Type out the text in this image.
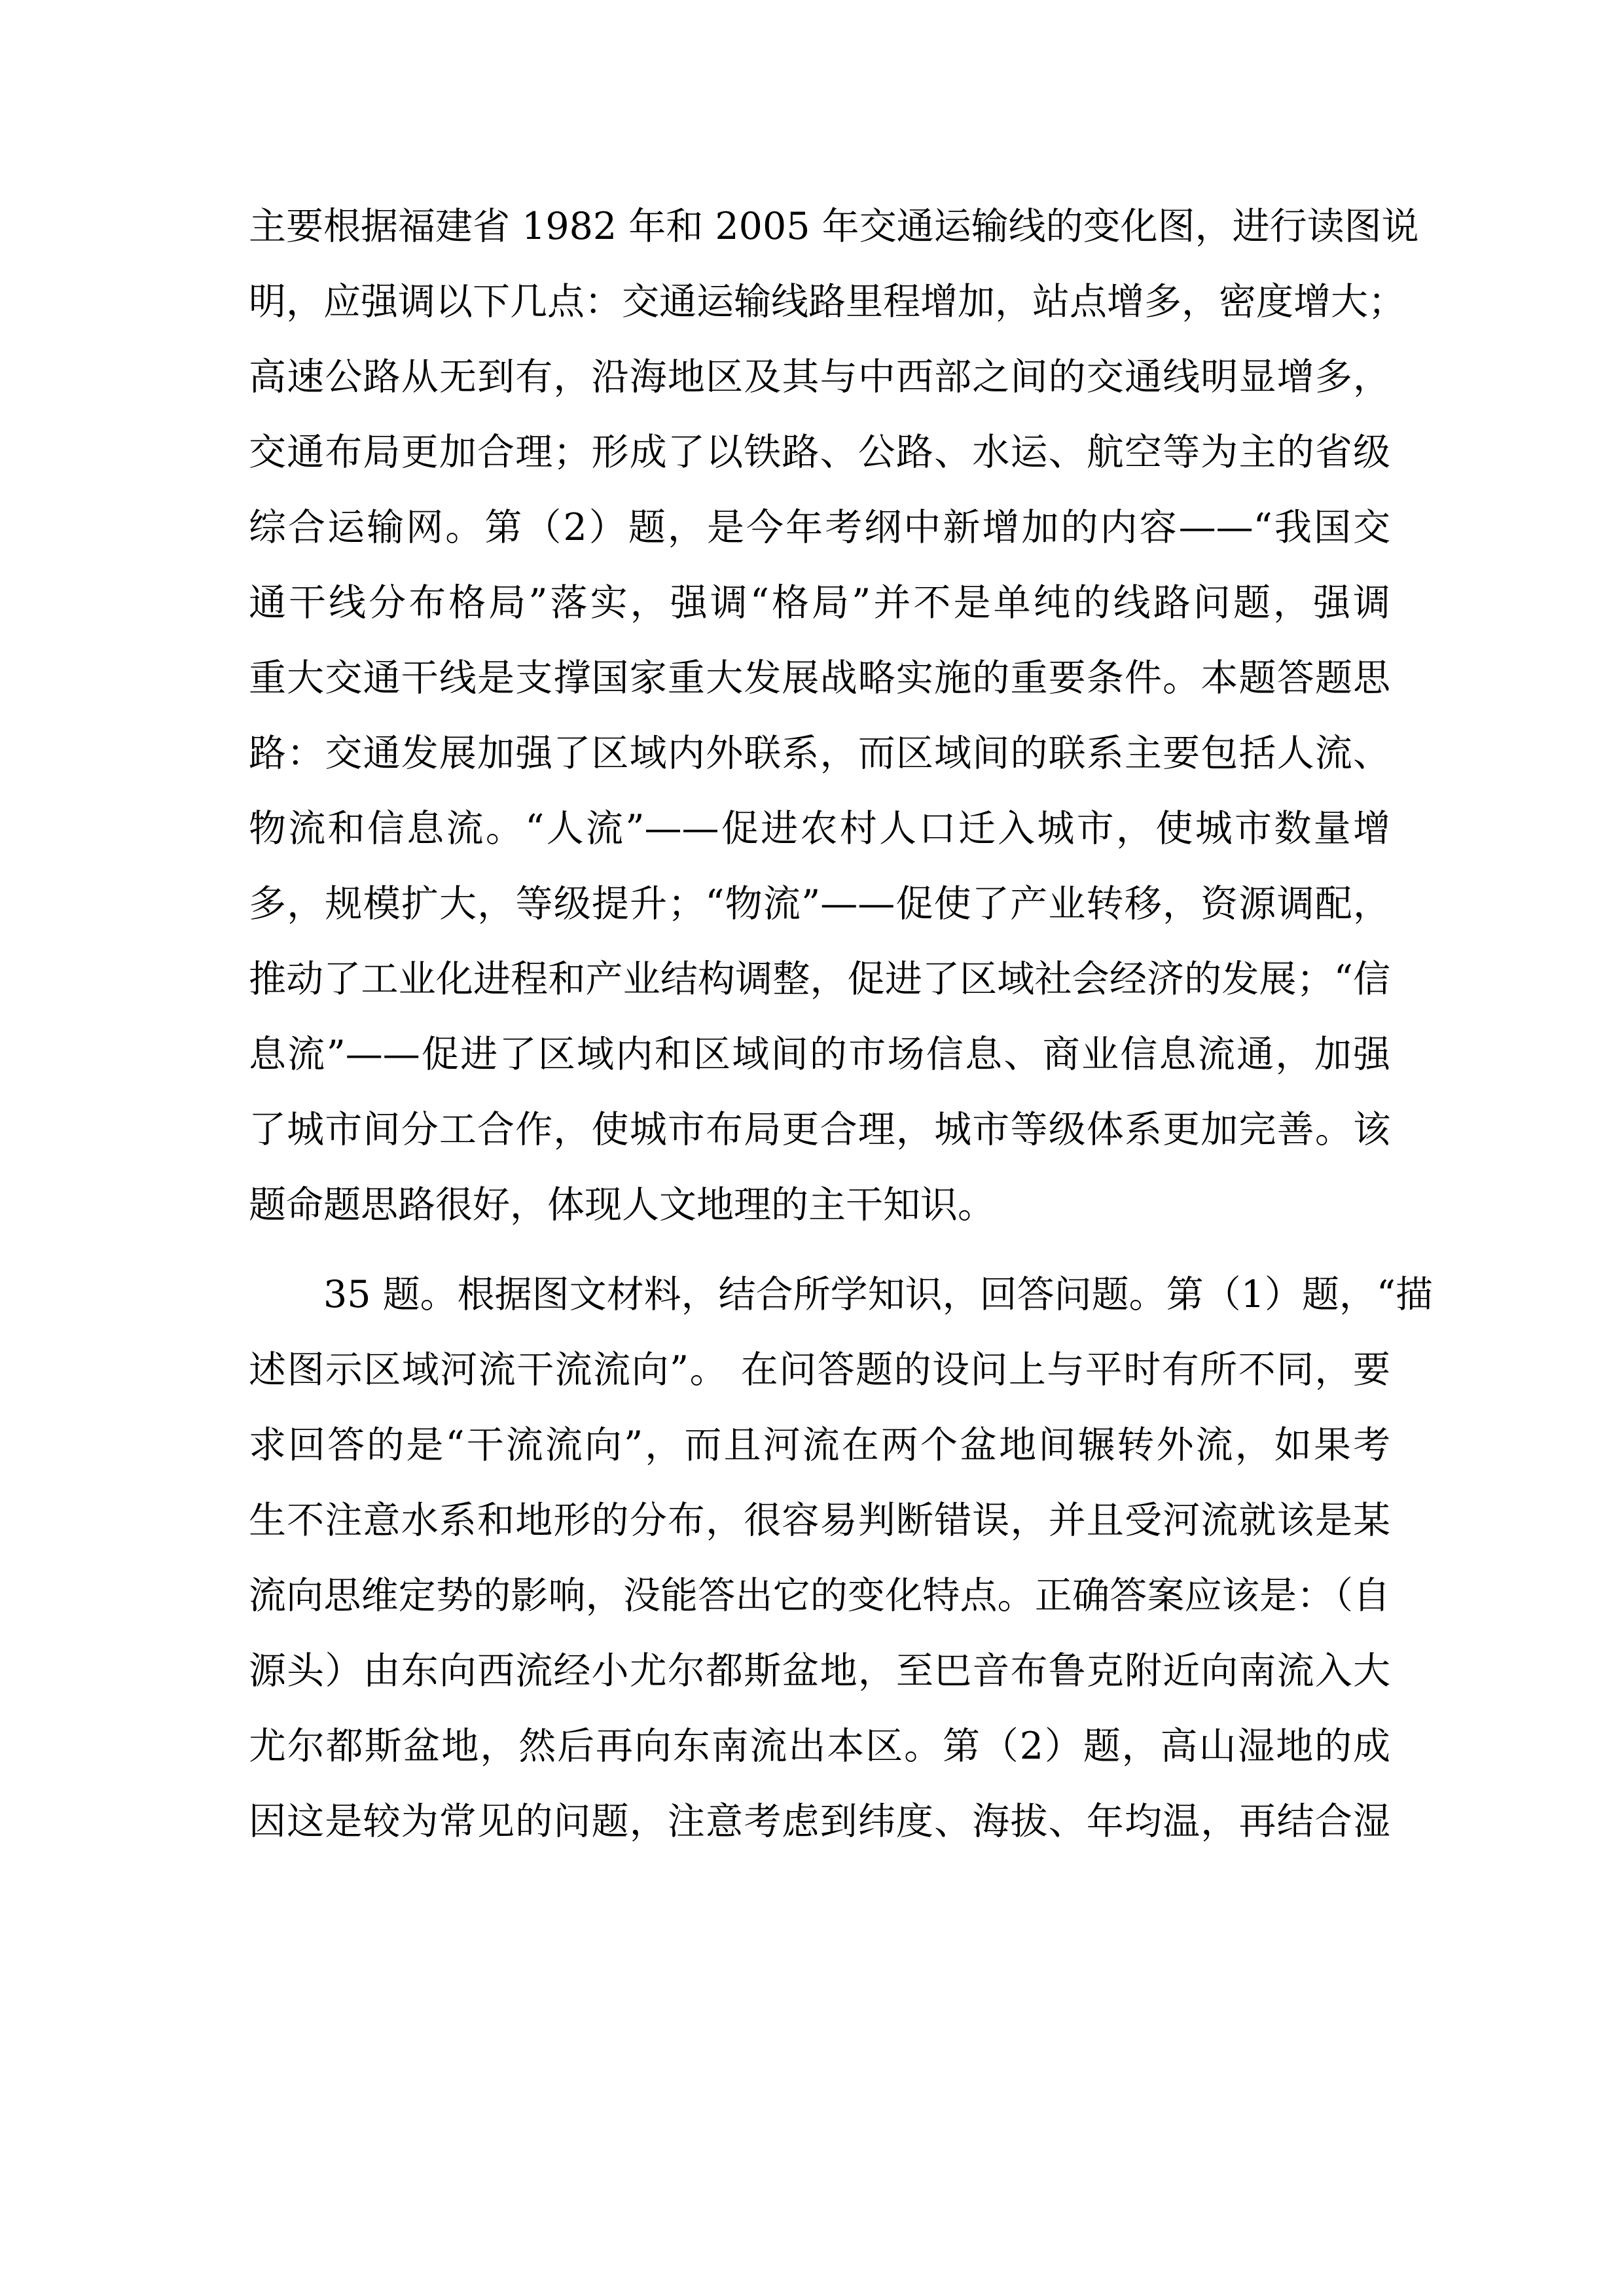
主要根据福建省 1982 年和 2005 年交通运输线的变化图，进行读图说
明，应强调以下几点：交通运输线路里程增加，站点增多，密度增大；
高速公路从无到有，沿海地区及其与中西部之间的交通线明显增多，
交通布局更加合理；形成了以铁路、公路、水运、航空等为主的省级
综合运输网。第（2）题，是今年考纲中新增加的内容——“我国交
通干线分布格局”落实，强调“格局”并不是单纯的线路问题，强调
重大交通干线是支撑国家重大发展战略实施的重要条件。本题答题思
路：交通发展加强了区域内外联系，而区域间的联系主要包括人流、
物流和信息流。“人流”——促进农村人口迁入城市，使城市数量增
多，规模扩大，等级提升；“物流”——促使了产业转移，资源调配，
推动了工业化进程和产业结构调整，促进了区域社会经济的发展；“信
息流”——促进了区域内和区域间的市场信息、商业信息流通，加强
了城市间分工合作，使城市布局更合理，城市等级体系更加完善。该
题命题思路很好，体现人文地理的主干知识。
35 题。根据图文材料，结合所学知识，回答问题。第（1）题，“描
述图示区域河流干流流向”。 在问答题的设问上与平时有所不同，要
求回答的是“干流流向”，而且河流在两个盆地间辗转外流，如果考
生不注意水系和地形的分布，很容易判断错误，并且受河流就该是某
流向思维定势的影响，没能答出它的变化特点。正确答案应该是：（自
源头）由东向西流经小尤尔都斯盆地，至巴音布鲁克附近向南流入大
尤尔都斯盆地，然后再向东南流出本区。第（2）题，高山湿地的成
因这是较为常见的问题，注意考虑到纬度、海拔、年均温，再结合湿
